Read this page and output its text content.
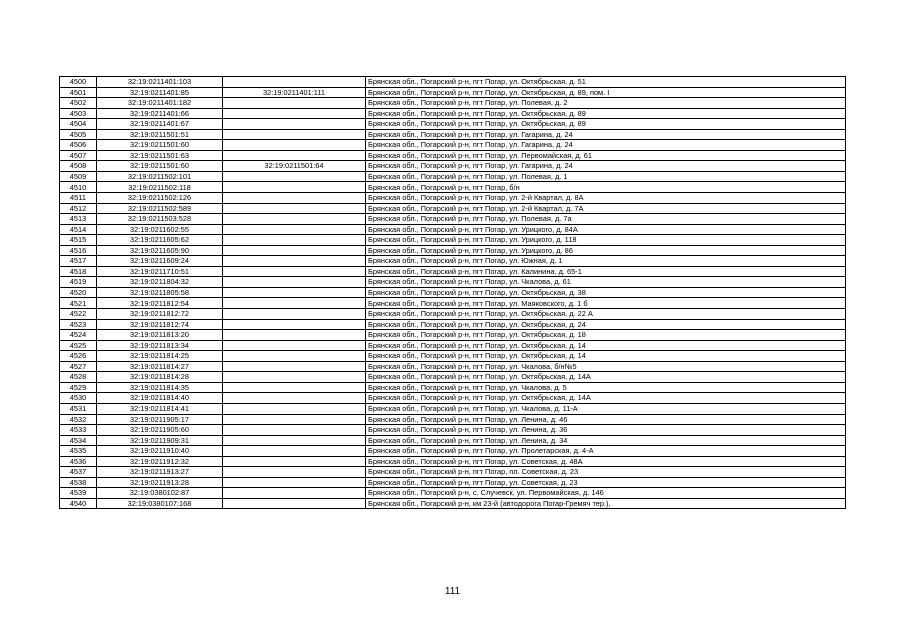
4500	32:19:0211401:103		Брянская обл., Погарский р-н, пгт Погар, ул. Октябрьская, д. 51
4501	32:19:0211401:85	32:19:0211401:111	Брянская обл., Погарский р-н, пгт Погар, ул. Октябрьская, д. 89, пом. I
4502	32:19:0211401:182		Брянская обл., Погарский р-н, пгт Погар, ул. Полевая, д. 2
4503	32:19:0211401:66		Брянская обл., Погарский р-н, пгт Погар, ул. Октябрьская, д. 89
4504	32:19:0211401:67		Брянская обл., Погарский р-н, пгт Погар, ул. Октябрьская, д. 89
4505	32:19:0211501:51		Брянская обл., Погарский р-н, пгт Погар, ул. Гагарина, д. 24
4506	32:19:0211501:60		Брянская обл., Погарский р-н, пгт Погар, ул. Гагарина, д. 24
4507	32:19:0211501:63		Брянская обл., Погарский р-н, пгт Погар, ул. Первомайская, д. 61
4508	32:19:0211501:60	32:19:0211501:64	Брянская обл., Погарский р-н, пгт Погар, ул. Гагарина, д. 24
4509	32:19:0211502:101		Брянская обл., Погарский р-н, пгт Погар, ул. Полевая, д. 1
4510	32:19:0211502:118		Брянская обл., Погарский р-н, пгт Погар, б/н
4511	32:19:0211502:126		Брянская обл., Погарский р-н, пгт Погар, ул. 2-й Квартал, д. 8А
4512	32:19:0211502:589		Брянская обл., Погарский р-н, пгт Погар, ул. 2-й Квартал, д. 7А
4513	32:19:0211503:528		Брянская обл., Погарский р-н, пгт Погар, ул. Полевая, д. 7а
4514	32:19:0211602:55		Брянская обл., Погарский р-н, пгт Погар, ул. Урицкого, д. 84А
4515	32:19:0211605:62		Брянская обл., Погарский р-н, пгт Погар, ул. Урицкого, д. 118
4516	32:19:0211605:90		Брянская обл., Погарский р-н, пгт Погар, ул. Урицкого, д. 86
4517	32:19:0211609:24		Брянская обл., Погарский р-н, пгт Погар, ул. Южная, д. 1
4518	32:19:0211710:51		Брянская обл., Погарский р-н, пгт Погар, ул. Калинина, д. 65-1
4519	32:19:0211804:32		Брянская обл., Погарский р-н, пгт Погар, ул. Чкалова, д. 61
4520	32:19:0211805:58		Брянская обл., Погарский р-н, пгт Погар, ул. Октябрьская, д. 38
4521	32:19:0211812:54		Брянская обл., Погарский р-н, пгт Погар, ул. Маяковского, д. 1 б
4522	32:19:0211812:72		Брянская обл., Погарский р-н, пгт Погар, ул. Октябрьская, д. 22 А
4523	32:19:0211812:74		Брянская обл., Погарский р-н, пгт Погар, ул. Октябрьская, д. 24
4524	32:19:0211813:20		Брянская обл., Погарский р-н, пгт Погар, ул. Октябрьская, д. 18
4525	32:19:0211813:34		Брянская обл., Погарский р-н, пгт Погар, ул. Октябрьская, д. 14
4526	32:19:0211814:25		Брянская обл., Погарский р-н, пгт Погар, ул. Октябрьская, д. 14
4527	32:19:0211814:27		Брянская обл., Погарский р-н, пгт Погар, ул. Чкалова, б/н№5
4528	32:19:0211814:28		Брянская обл., Погарский р-н, пгт Погар, ул. Октябрьская, д. 14А
4529	32:19:0211814:35		Брянская обл., Погарский р-н, пгт Погар, ул. Чкалова, д. 5
4530	32:19:0211814:40		Брянская обл., Погарский р-н, пгт Погар, ул. Октябрьская, д. 14А
4531	32:19:0211814:41		Брянская обл., Погарский р-н, пгт Погар, ул. Чкалова, д. 11-А
4532	32:19:0211905:17		Брянская обл., Погарский р-н, пгт Погар, ул. Ленина, д. 46
4533	32:19:0211905:60		Брянская обл., Погарский р-н, пгт Погар, ул. Ленина, д. 36
4534	32:19:0211909:31		Брянская обл., Погарский р-н, пгт Погар, ул. Ленина, д. 34
4535	32:19:0211910:40		Брянская обл., Погарский р-н, пгт Погар, ул. Пролетарская, д. 4-А
4536	32:19:0211912:32		Брянская обл., Погарский р-н, пгт Погар, ул. Советская, д. 48А
4537	32:19:0211913:27		Брянская обл., Погарский р-н, пгт Погар, пл. Советская, д. 23
4538	32:19:0211913:28		Брянская обл., Погарский р-н, пгт Погар, ул. Советская, д. 23
4539	32:19:0380102:87		Брянская обл., Погарский р-н, с. Случевск, ул. Первомайская, д. 146
4540	32:19:0380107:168		Брянская обл., Погарский р-н, км 23-й (автодорога Погар-Гремяч тер.),
111
